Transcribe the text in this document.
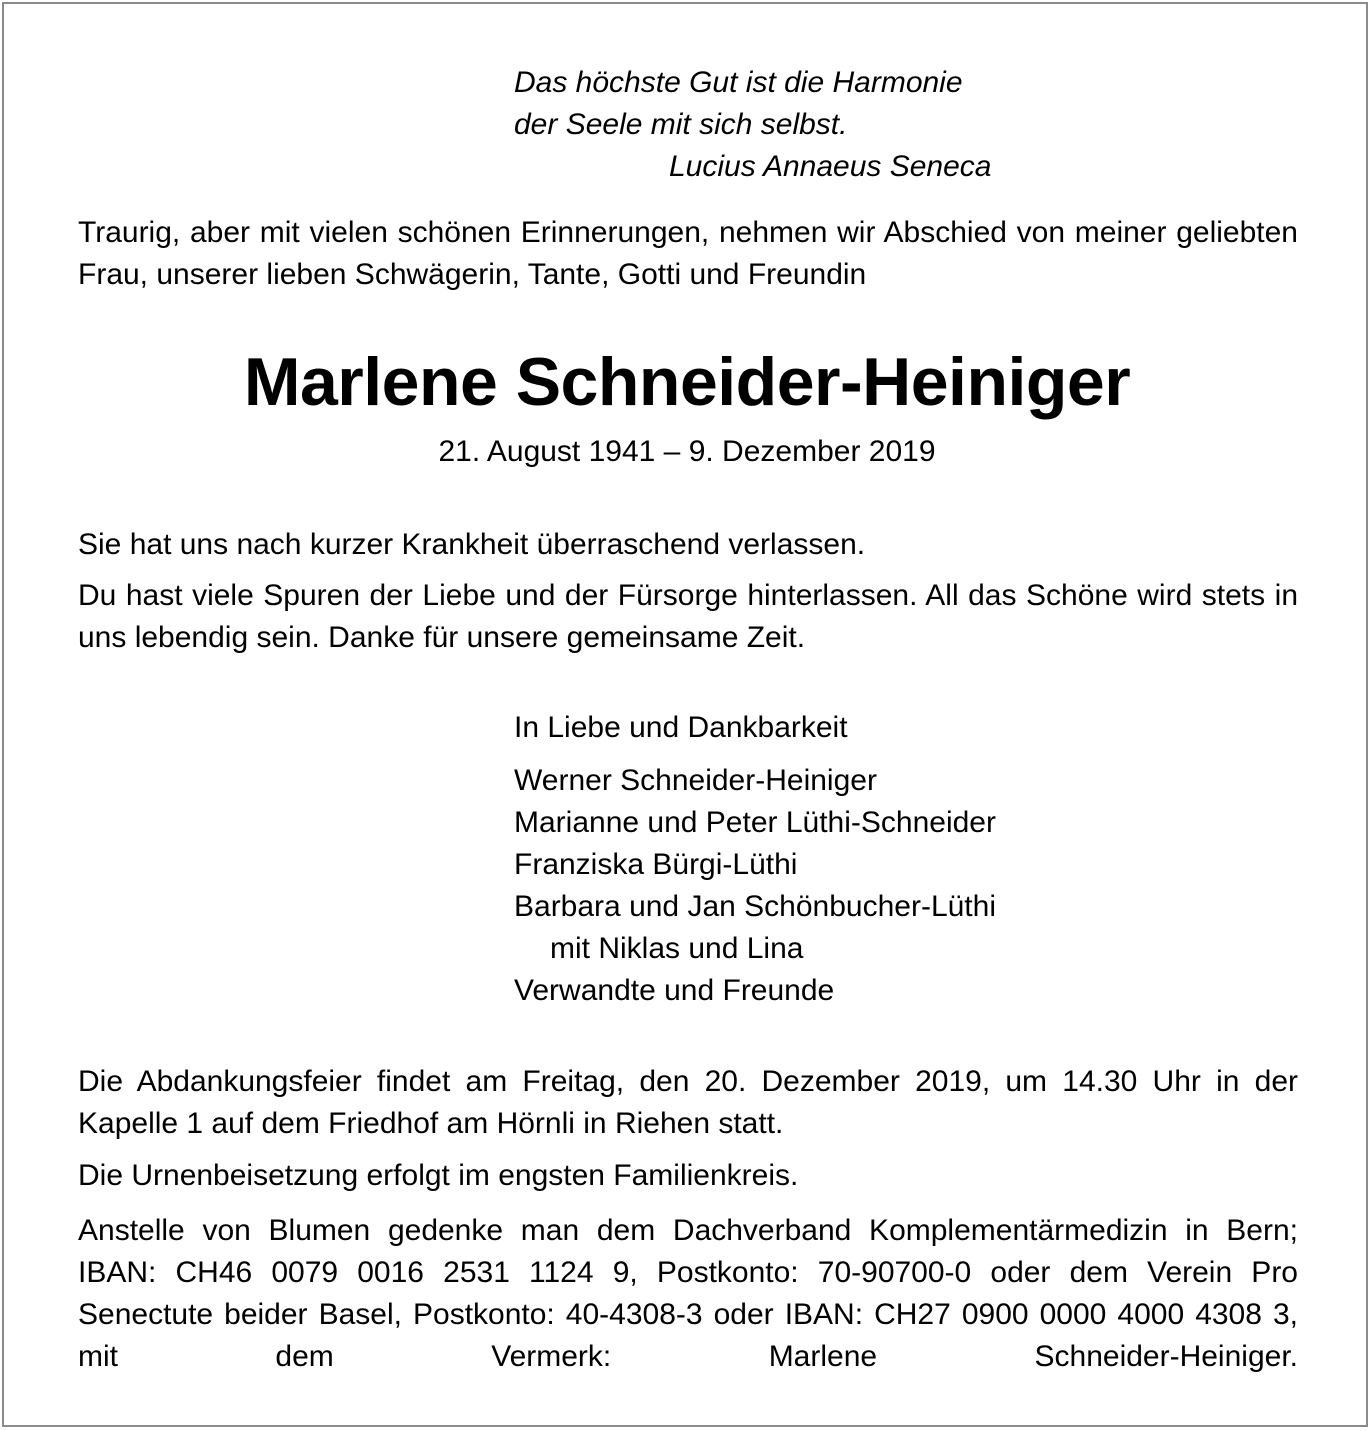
Das höchste Gut ist die Harmonie
der Seele mit sich selbst.
Lucius Annaeus Seneca
Traurig, aber mit vielen schönen Erinnerungen, nehmen wir Abschied von meiner geliebten Frau, unserer lieben Schwägerin, Tante, Gotti und Freundin
Marlene Schneider-Heiniger
21. August 1941 – 9. Dezember 2019
Sie hat uns nach kurzer Krankheit überraschend verlassen.
Du hast viele Spuren der Liebe und der Fürsorge hinterlassen. All das Schöne wird stets in uns lebendig sein. Danke für unsere gemeinsame Zeit.
In Liebe und Dankbarkeit
Werner Schneider-Heiniger
Marianne und Peter Lüthi-Schneider
Franziska Bürgi-Lüthi
Barbara und Jan Schönbucher-Lüthi
mit Niklas und Lina
Verwandte und Freunde
Die Abdankungsfeier findet am Freitag, den 20. Dezember 2019, um 14.30 Uhr in der Kapelle 1 auf dem Friedhof am Hörnli in Riehen statt.
Die Urnenbeisetzung erfolgt im engsten Familienkreis.
Anstelle von Blumen gedenke man dem Dachverband Komplementärmedizin in Bern; IBAN: CH46 0079 0016 2531 1124 9, Postkonto: 70-90700-0 oder dem Verein Pro Senectute beider Basel, Postkonto: 40-4308-3 oder IBAN: CH27 0900 0000 4000 4308 3, mit dem Vermerk: Marlene Schneider-Heiniger.
